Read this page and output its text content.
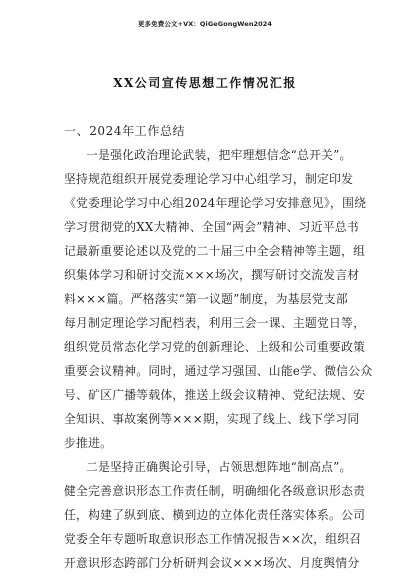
更多免费公文+VX：QiGeGongWen2024
XX公司宣传思想工作情况汇报
一、2024年工作总结
一是强化政治理论武装，把牢理想信念“总开关”。
坚持规范组织开展党委理论学习中心组学习，制定印发
《党委理论学习中心组2024年理论学习安排意见》，围绕
学习贯彻党的XX大精神、全国“两会”精神、习近平总书
记最新重要论述以及党的二十届三中全会精神等主题，组
织集体学习和研讨交流×××场次，撰写研讨交流发言材
料×××篇。严格落实“第一议题”制度，为基层党支部
每月制定理论学习配档表，利用三会一课、主题党日等，
组织党员常态化学习党的创新理论、上级和公司重要政策
重要会议精神。同时，通过学习强国、山能e学、微信公众
号、矿区广播等载体，推送上级会议精神、党纪法规、安
全知识、事故案例等×××期，实现了线上、线下学习同
步推进。
二是坚持正确舆论引导，占领思想阵地“制高点”。
健全完善意识形态工作责任制，明确细化各级意识形态责
任，构建了纵到底、横到边的立体化责任落实体系。公司
党委全年专题听取意识形态工作情况报告××次，组织召
开意识形态跨部门分析研判会议×××场次、月度舆情分
